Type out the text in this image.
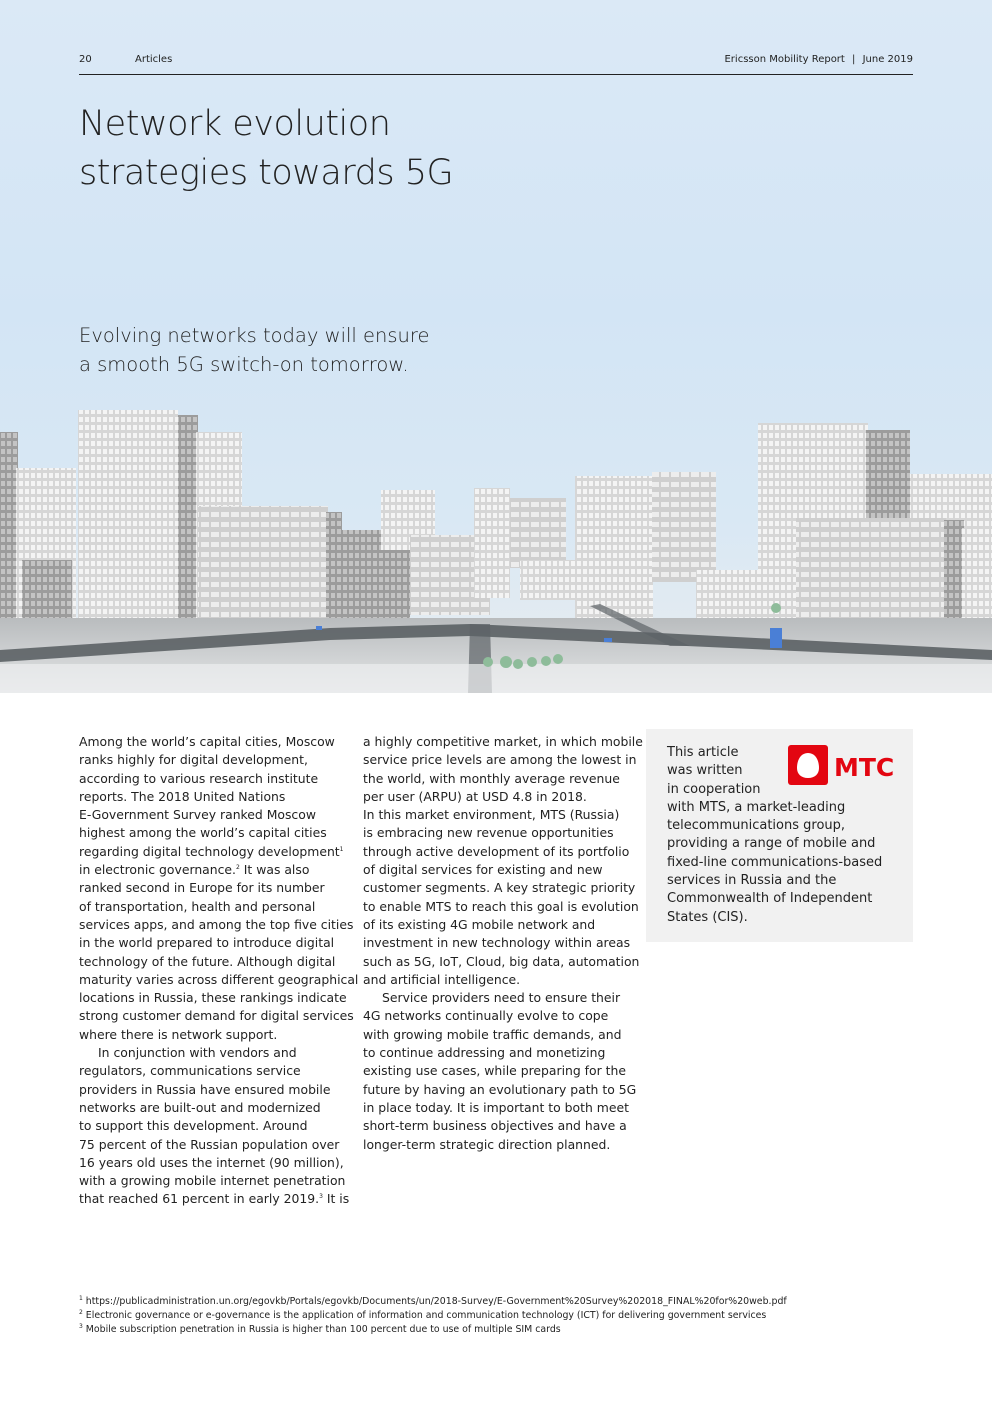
20	Articles	Ericsson Mobility Report | June 2019
Network evolution
strategies towards 5G
Evolving networks today will ensure
a smooth 5G switch-on tomorrow.
Among the world’s capital cities, Moscow
ranks highly for digital development,
according to various research institute
reports. The 2018 United Nations
E-Government Survey ranked Moscow
highest among the world’s capital cities
regarding digital technology development$^1$
in electronic governance.$^2$ It was also
ranked second in Europe for its number
of transportation, health and personal
services apps, and among the top five cities
in the world prepared to introduce digital
technology of the future. Although digital
maturity varies across different geographical
locations in Russia, these rankings indicate
strong customer demand for digital services
where there is network support.
In conjunction with vendors and
regulators, communications service
providers in Russia have ensured mobile
networks are built-out and modernized
to support this development. Around
75 percent of the Russian population over
16 years old uses the internet (90 million),
with a growing mobile internet penetration
that reached 61 percent in early 2019.$^3$ It is
a highly competitive market, in which mobile
service price levels are among the lowest in
the world, with monthly average revenue
per user (ARPU) at USD 4.8 in 2018.
In this market environment, MTS (Russia)
is embracing new revenue opportunities
through active development of its portfolio
of digital services for existing and new
customer segments. A key strategic priority
to enable MTS to reach this goal is evolution
of its existing 4G mobile network and
investment in new technology within areas
such as 5G, IoT, Cloud, big data, automation
and artificial intelligence.
Service providers need to ensure their
4G networks continually evolve to cope
with growing mobile traffic demands, and
to continue addressing and monetizing
existing use cases, while preparing for the
future by having an evolutionary path to 5G
in place today. It is important to both meet
short-term business objectives and have a
longer-term strategic direction planned.
This article
was written
in cooperation
with MTS, a market-leading
telecommunications group,
providing a range of mobile and
fixed-line communications-based
services in Russia and the
Commonwealth of Independent
States (CIS).
МТС
$^1$ https://publicadministration.un.org/egovkb/Portals/egovkb/Documents/un/2018-Survey/E-Government%20Survey%202018_FINAL%20for%20web.pdf
$^2$ Electronic governance or e-governance is the application of information and communication technology (ICT) for delivering government services
$^3$ Mobile subscription penetration in Russia is higher than 100 percent due to use of multiple SIM cards
